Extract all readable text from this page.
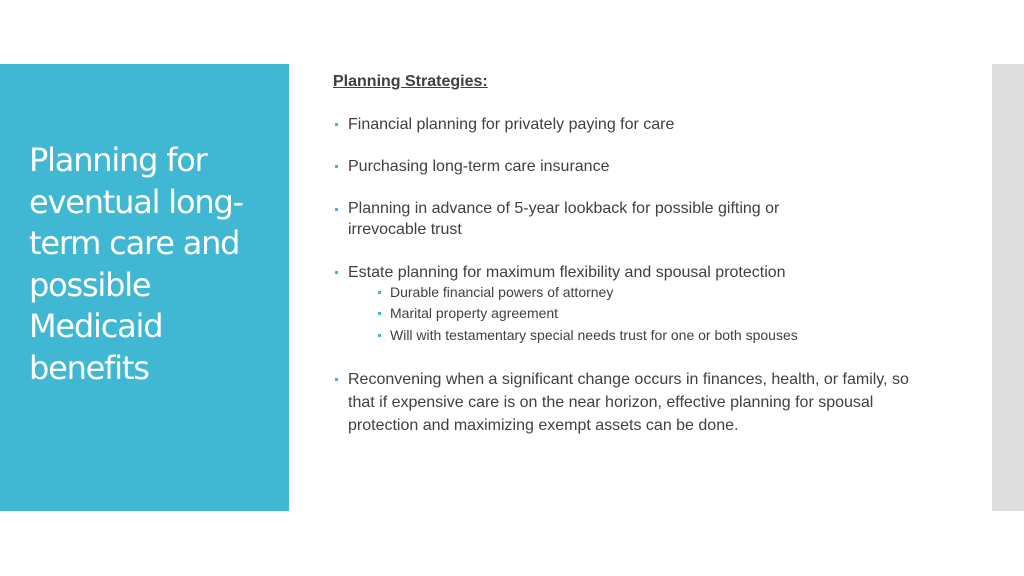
Planning for eventual long-term care and possible Medicaid benefits
Planning Strategies:
Financial planning for privately paying for care
Purchasing long-term care insurance
Planning in advance of 5-year lookback for possible gifting or irrevocable trust
Estate planning for maximum flexibility and spousal protection
Durable financial powers of attorney
Marital property agreement
Will with testamentary special needs trust for one or both spouses
Reconvening when a significant change occurs in finances, health, or family, so that if expensive care is on the near horizon, effective planning for spousal protection and maximizing exempt assets can be done.
